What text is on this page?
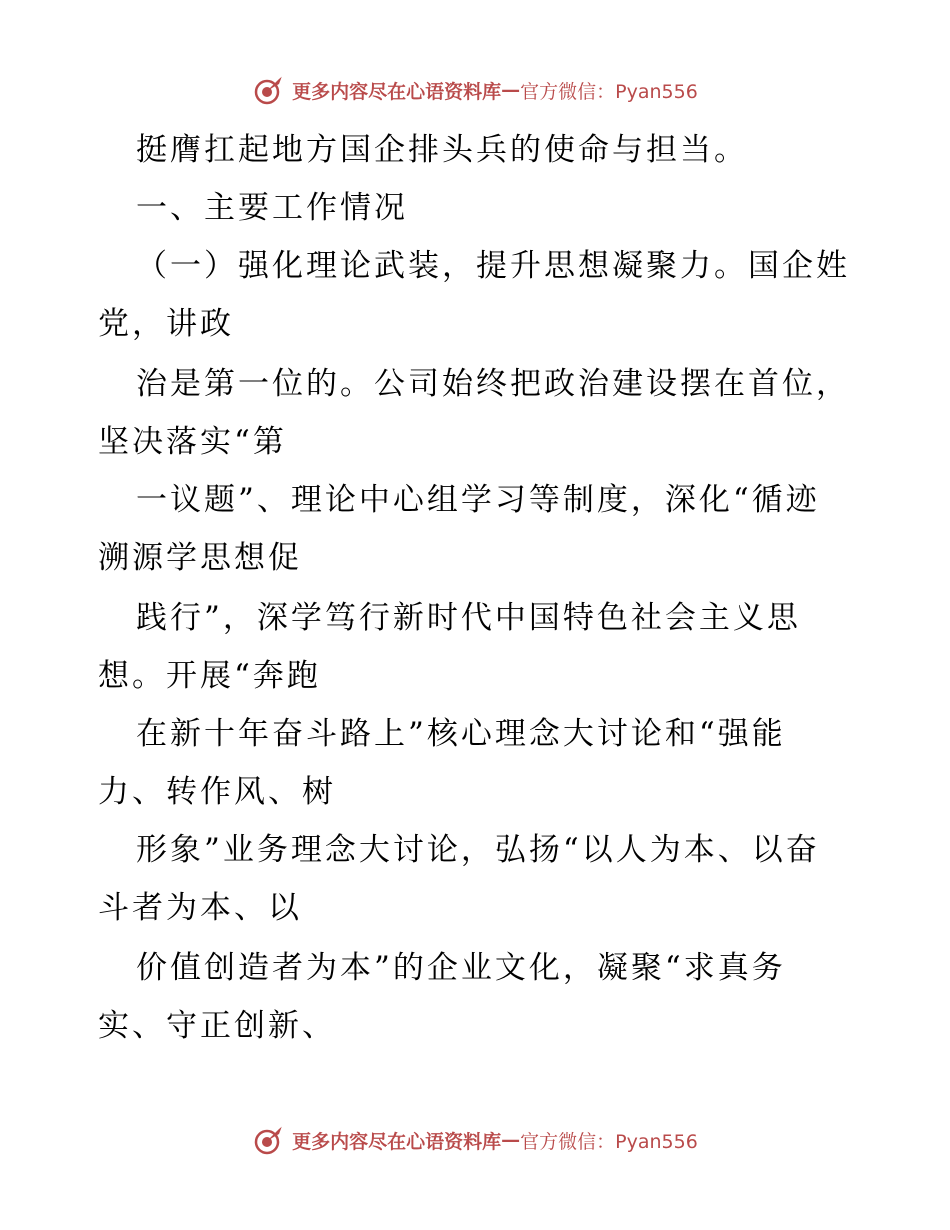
更多内容尽在心语资料库 — 官方微信：Pyan556
挺膺扛起地方国企排头兵的使命与担当。
一、主要工作情况
（一）强化理论武装，提升思想凝聚力。国企姓
党，讲政
治是第一位的。公司始终把政治建设摆在首位，
坚决落实“第
一议题”、理论中心组学习等制度，深化“循迹
溯源学思想促
践行”，深学笃行新时代中国特色社会主义思
想。开展“奔跑
在新十年奋斗路上”核心理念大讨论和“强能
力、转作风、树
形象”业务理念大讨论，弘扬“以人为本、以奋
斗者为本、以
价值创造者为本”的企业文化，凝聚“求真务
实、守正创新、
更多内容尽在心语资料库 — 官方微信：Pyan556
